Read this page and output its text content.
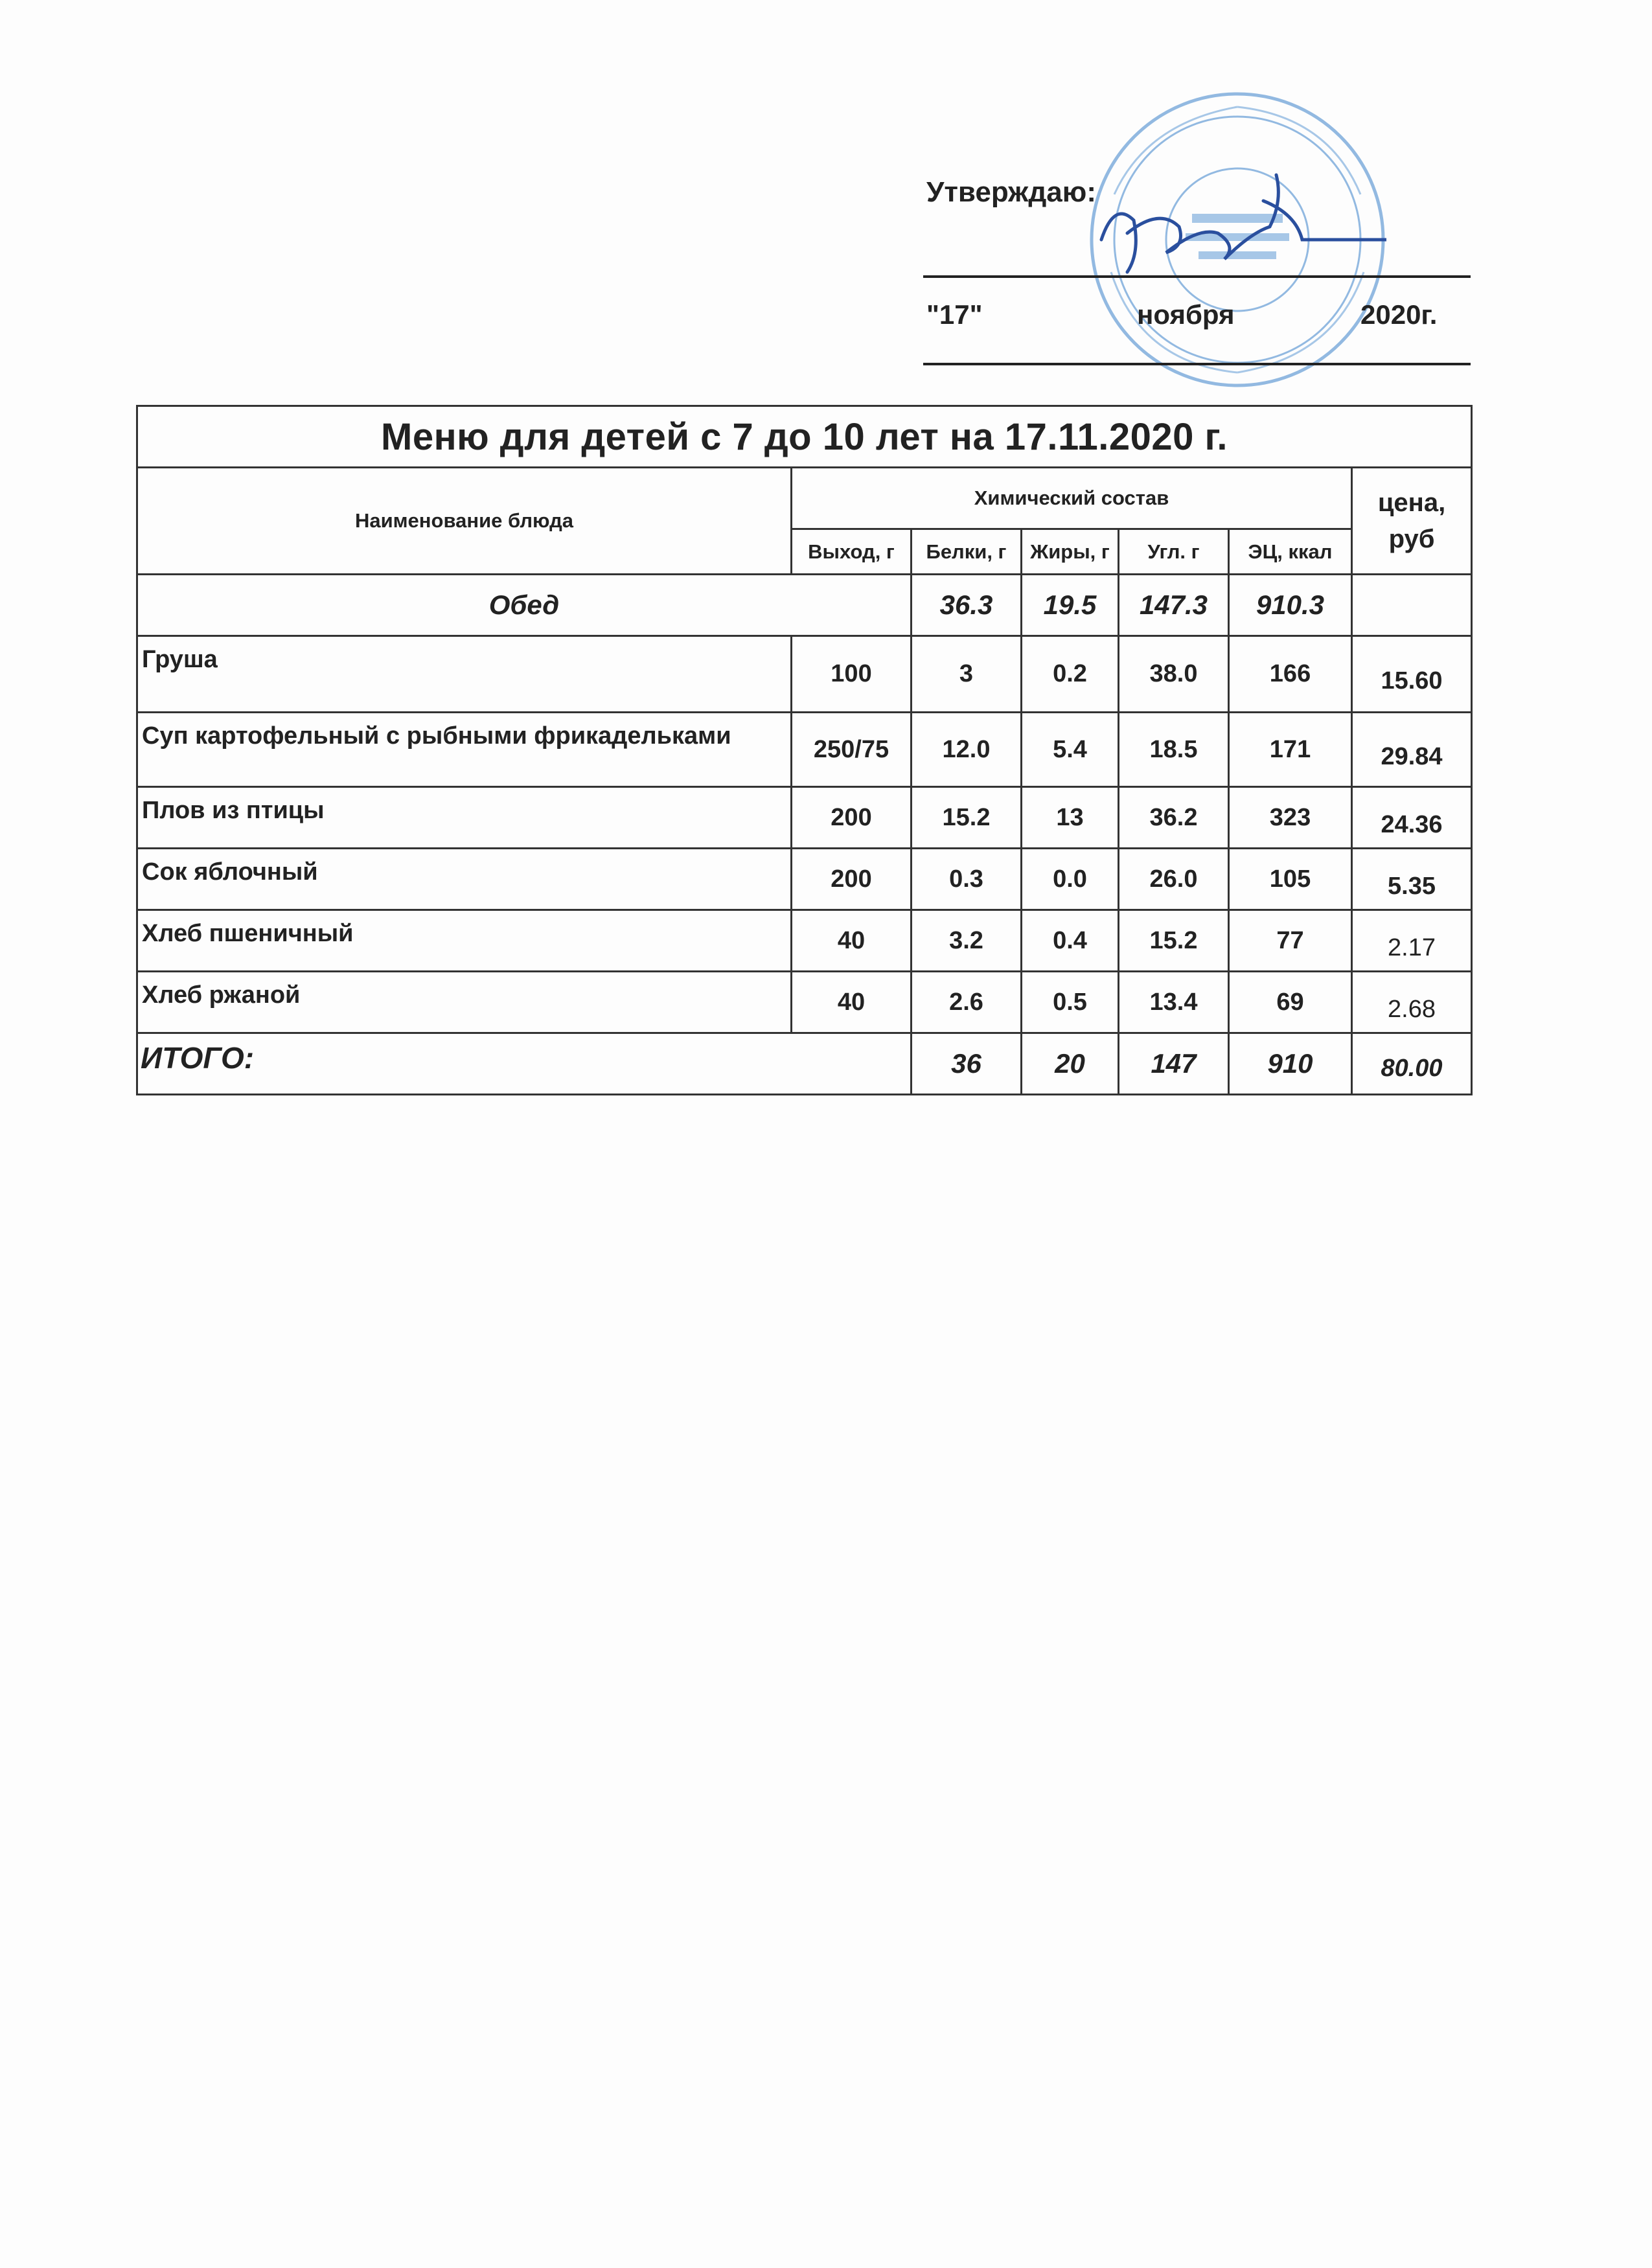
Утверждаю:
"17"	ноября	2020г.
Меню для детей с 7 до 10 лет на 17.11.2020 г.						
Наименование блюда	Химический состав					цена, руб
	Выход, г	Белки, г	Жиры, г	Угл. г	ЭЦ, ккал	
Обед		36.3	19.5	147.3	910.3	
Груша	100	3	0.2	38.0	166	15.60
Суп картофельный с рыбными фрикадельками	250/75	12.0	5.4	18.5	171	29.84
Плов из птицы	200	15.2	13	36.2	323	24.36
Сок яблочный	200	0.3	0.0	26.0	105	5.35
Хлеб пшеничный	40	3.2	0.4	15.2	77	2.17
Хлеб ржаной	40	2.6	0.5	13.4	69	2.68
ИТОГО:		36	20	147	910	80.00
